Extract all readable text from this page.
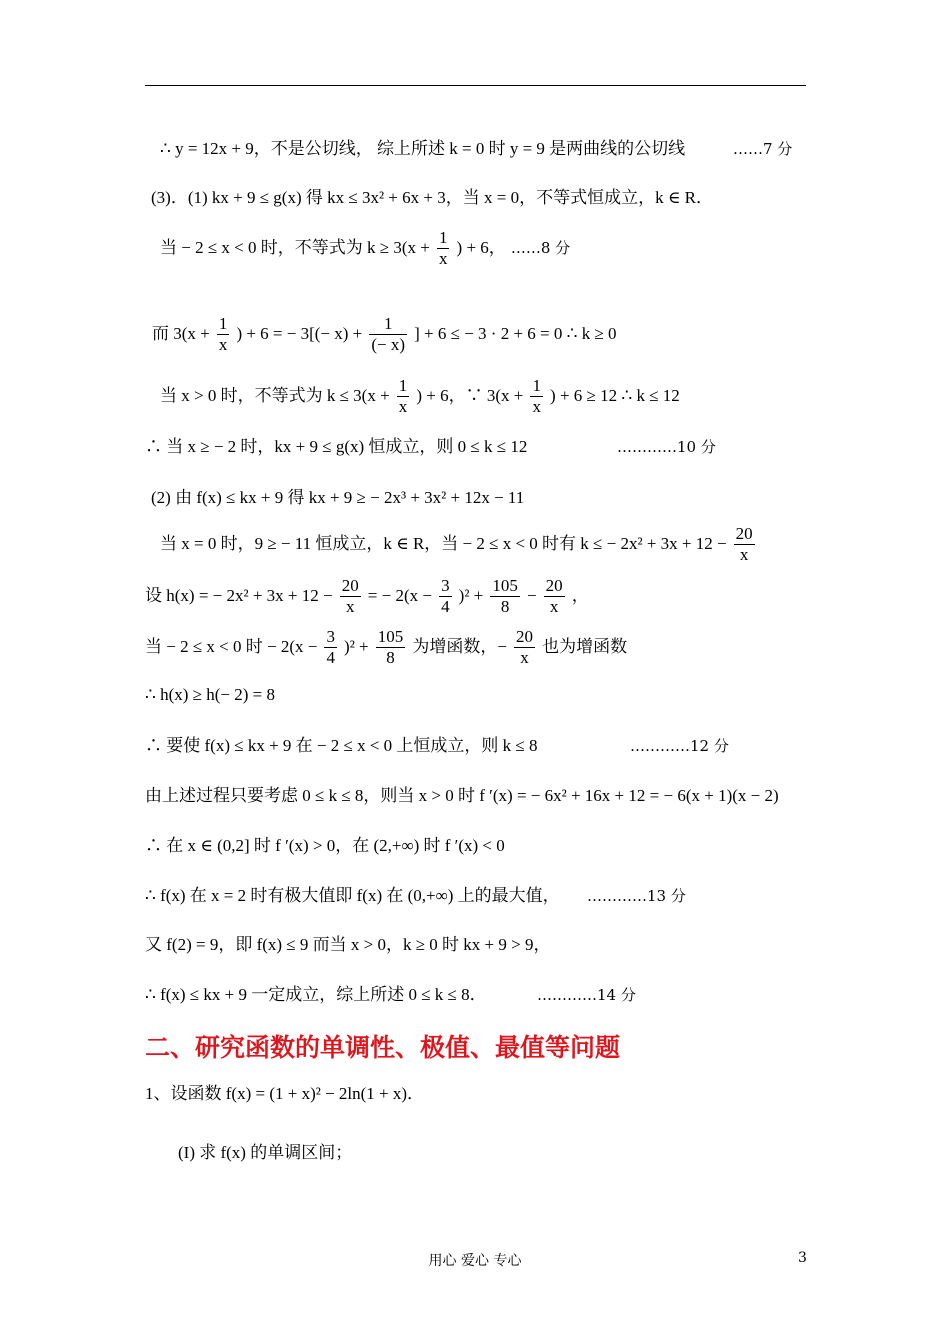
∴ y = 12x + 9，不是公切线， 综上所述 k = 0 时 y = 9 是两曲线的公切线	……7 分
(3)．(1) kx + 9 ≤ g(x) 得 kx ≤ 3x² + 6x + 3，当 x = 0，不等式恒成立，k ∈ R．
当 − 2 ≤ x < 0 时，不等式为 $k \ge 3(x + \frac{1}{x}$ ) + 6， ……8 分
而 $3(x + \frac{1}{x}$ ) + 6 = − $3[(- x) + \frac{1}{(- x)}$ ] + 6 ≤ − 3 · 2 + 6 = 0 ∴ k ≥ 0
当 x > 0 时，不等式为 $k \le 3(x + \frac{1}{x}$ ) + 6，∵ $3(x + \frac{1}{x}$ ) + 6 ≥ 12 ∴ k ≤ 12
∴ 当 x ≥ − 2 时，kx + 9 ≤ g(x) 恒成立，则 0 ≤ k ≤ 12	…………10 分
(2) 由 f(x) ≤ kx + 9 得 kx + 9 ≥ − 2x³ + 3x² + 12x − 11
当 x = 0 时，9 ≥ − 11 恒成立，k ∈ R，当 − 2 ≤ x < 0 时有 k ≤ − $2x^2 + 3x + 12 - \frac{20}{x}$
设 h(x) = − $2x^2 + 3x + 12 - \frac{20}{x}$ = − $2(x - \frac{3}{4} )^2 + \frac{105}{8} - \frac{20}{x}$ ，
当 − 2 ≤ x < 0 时 − $2(x - \frac{3}{4} )^2 + \frac{105}{8}$ 为增函数，− $\frac{20}{x}$ 也为增函数
∴ h(x) ≥ h(− 2) = 8
∴ 要使 f(x) ≤ kx + 9 在 − 2 ≤ x < 0 上恒成立，则 k ≤ 8	…………12 分
由上述过程只要考虑 0 ≤ k ≤ 8，则当 x > 0 时 f ′(x) = − 6x² + 16x + 12 = − 6(x + 1)(x − 2)
∴ 在 x ∈ (0,2] 时 f ′(x) > 0，在 (2,+∞) 时 f ′(x) < 0
∴ f(x) 在 x = 2 时有极大值即 f(x) 在 (0,+∞) 上的最大值， …………13 分
又 f(2) = 9，即 f(x) ≤ 9 而当 x > 0，k ≥ 0 时 kx + 9 > 9，
∴ f(x) ≤ kx + 9 一定成立，综上所述 0 ≤ k ≤ 8．	…………14 分
二、研究函数的单调性、极值、最值等问题
1、设函数 f(x) = (1 + x)² − 2ln(1 + x)．
(I) 求 f(x) 的单调区间；
用心 爱心 专心	3
